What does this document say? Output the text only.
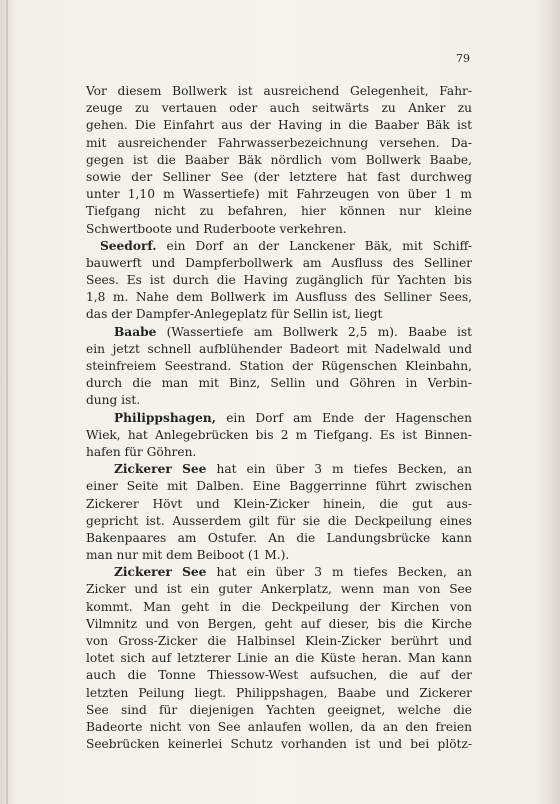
79
Vor diesem Bollwerk ist ausreichend Gelegenheit, Fahr-
zeuge zu vertauen oder auch seitwärts zu Anker zu
gehen. Die Einfahrt aus der Having in die Baaber Bäk ist
mit ausreichender Fahrwasserbezeichnung versehen. Da-
gegen ist die Baaber Bäk nördlich vom Bollwerk Baabe,
sowie der Selliner See (der letztere hat fast durchweg
unter 1,10 m Wassertiefe) mit Fahrzeugen von über 1 m
Tiefgang nicht zu befahren, hier können nur kleine
Schwertboote und Ruderboote verkehren.
Seedorf. ein Dorf an der Lanckener Bäk, mit Schiff-
bauwerft und Dampferbollwerk am Ausfluss des Selliner
Sees. Es ist durch die Having zugänglich für Yachten bis
1,8 m. Nahe dem Bollwerk im Ausfluss des Selliner Sees,
das der Dampfer-Anlegeplatz für Sellin ist, liegt
Baabe (Wassertiefe am Bollwerk 2,5 m). Baabe ist
ein jetzt schnell aufblühender Badeort mit Nadelwald und
steinfreiem Seestrand. Station der Rügenschen Kleinbahn,
durch die man mit Binz, Sellin und Göhren in Verbin-
dung ist.
Philippshagen, ein Dorf am Ende der Hagenschen
Wiek, hat Anlegebrücken bis 2 m Tiefgang. Es ist Binnen-
hafen für Göhren.
Zickerer See hat ein über 3 m tiefes Becken, an
einer Seite mit Dalben. Eine Baggerrinne führt zwischen
Zickerer Hövt und Klein-Zicker hinein, die gut aus-
gepricht ist. Ausserdem gilt für sie die Deckpeilung eines
Bakenpaares am Ostufer. An die Landungsbrücke kann
man nur mit dem Beiboot (1 M.).
Zickerer See hat ein über 3 m tiefes Becken, an
Zicker und ist ein guter Ankerplatz, wenn man von See
kommt. Man geht in die Deckpeilung der Kirchen von
Vilmnitz und von Bergen, geht auf dieser, bis die Kirche
von Gross-Zicker die Halbinsel Klein-Zicker berührt und
lotet sich auf letzterer Linie an die Küste heran. Man kann
auch die Tonne Thiessow-West aufsuchen, die auf der
letzten Peilung liegt. Philippshagen, Baabe und Zickerer
See sind für diejenigen Yachten geeignet, welche die
Badeorte nicht von See anlaufen wollen, da an den freien
Seebrücken keinerlei Schutz vorhanden ist und bei plötz-
